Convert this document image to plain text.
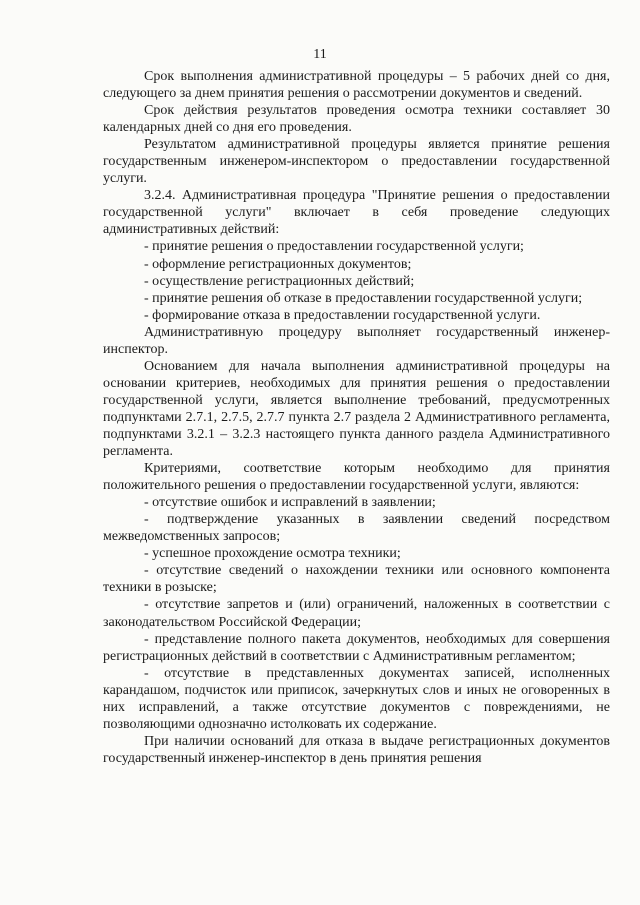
11

Срок выполнения административной процедуры – 5 рабочих дней со дня, следующего за днем принятия решения о рассмотрении документов и сведений.

Срок действия результатов проведения осмотра техники составляет 30 календарных дней со дня его проведения.

Результатом административной процедуры является принятие решения государственным инженером-инспектором о предоставлении государственной услуги.

3.2.4. Административная процедура "Принятие решения о предоставлении государственной услуги" включает в себя проведение следующих административных действий:

- принятие решения о предоставлении государственной услуги;

- оформление регистрационных документов;

- осуществление регистрационных действий;

- принятие решения об отказе в предоставлении государственной услуги;

- формирование отказа в предоставлении государственной услуги.

Административную процедуру выполняет государственный инженер-инспектор.

Основанием для начала выполнения административной процедуры на основании критериев, необходимых для принятия решения о предоставлении государственной услуги, является выполнение требований, предусмотренных подпунктами 2.7.1, 2.7.5, 2.7.7 пункта 2.7 раздела 2 Административного регламента, подпунктами 3.2.1 – 3.2.3 настоящего пункта данного раздела Административного регламента.

Критериями, соответствие которым необходимо для принятия положительного решения о предоставлении государственной услуги, являются:

- отсутствие ошибок и исправлений в заявлении;

- подтверждение указанных в заявлении сведений посредством межведомственных запросов;

- успешное прохождение осмотра техники;

- отсутствие сведений о нахождении техники или основного компонента техники в розыске;

- отсутствие запретов и (или) ограничений, наложенных в соответствии с законодательством Российской Федерации;

- представление полного пакета документов, необходимых для совершения регистрационных действий в соответствии с Административным регламентом;

- отсутствие в представленных документах записей, исполненных карандашом, подчисток или приписок, зачеркнутых слов и иных не оговоренных в них исправлений, а также отсутствие документов с повреждениями, не позволяющими однозначно истолковать их содержание.

При наличии оснований для отказа в выдаче регистрационных документов государственный инженер-инспектор в день принятия решения
